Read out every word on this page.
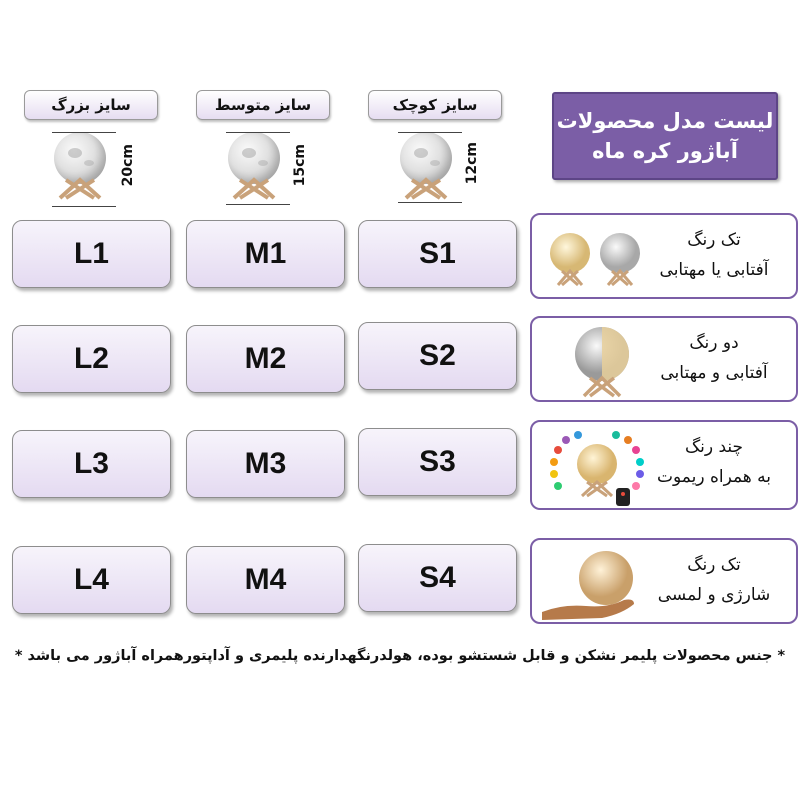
لیست مدل محصولات
آباژور کره ماه
سایز کوچک
سایز متوسط
سایز بزرگ
12cm
15cm
20cm
L1	M1	S1	تک رنگ
آفتابی یا مهتابی
L2	M2	S2	دو رنگ
آفتابی و مهتابی
L3	M3	S3	چند رنگ
به همراه ریموت
L4	M4	S4	تک رنگ
شارژی و لمسی
* جنس محصولات پلیمر نشکن و قابل شستشو بوده، هولدرنگهدارنده پلیمری و آداپتورهمراه آباژور می باشد *
